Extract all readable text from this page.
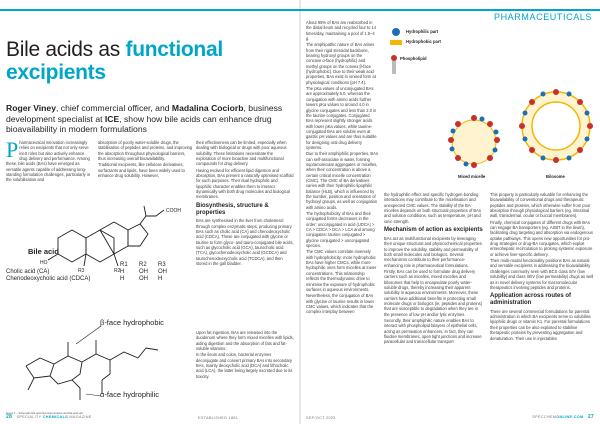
Bile acids as functional excipients
Roger Viney, chief commercial officer, and Madalina Cociorb, business development specialist at ICE, show how bile acids can enhance drug bioavailability in modern formulations
P harmaceutical innovation increasingly relies on excipients that not only serve inert roles but also actively enhance drug delivery and performance. Among these, bile acids (BAs) have emerged as versatile agents capable of addressing long-standing formulation challenges, particularly in the solubilisation and

absorption of poorly water-soluble drugs, the stabilisation of peptides and proteins, and improving the absorption throughout physiological barriers, thus increasing overall bioavailability.

Traditional excipients, like cellulose derivatives, surfactants and lipids, have been widely used to enhance drug solubility. However,

their effectiveness can be limited, especially when dealing with biological or drugs with poor aqueous solubility. These limitations necessitate the exploration of more bioactive and multifunctional compounds for drug delivery.

Having evolved for efficient lipid digestion and absorption, BAs present a naturally optimised scaffold for such purposes. Their dual hydrophilic and lipophilic character enables them to interact dynamically with both drug molecules and biological membranes.

Biosynthesis, structure & properties

BAs are synthesised in the liver from cholesterol through complex enzymatic steps, producing primary BAs such as cholic acid (CA) and chenodeoxycholic acid (CDCA). These are conjugated with glycine or taurine to form glyco- and tauro-conjugated bile acids, such as glycocholic acid (GCA), taurocholic acid (TCA), glycochenodeoxycholic acid (GCDCA) and taurochenodeoxycholic acid (TCDCA), and then stored in the gall bladder.

Upon fat ingestion, BAs are released into the duodenum where they form mixed micelles with lipids, aiding digestion and the absorption of fats and fat-soluble vitamins.

In the ileum and colon, bacterial enzymes deconjugate and convert primary BAs into secondary BAs, mainly deoxycholic acid (DCA) and lithocholic acid (LCA), the latter being largely excreted due to its toxicity.

HO
R2
R3
COOH
Bile acid
R1 R2 R3
Cholic acid (CA)	H OH OH
Chenodeoxycholic acid (CDCA)	H OH H
β-face hydrophobic
α-face hydrophilic
Figure 1 – Schematic bile acid chemical structure and bile acid self
28 SPECIALITY CHEMICALS MAGAZINE	ESTABLISHED 1881
PHARMACEUTICALS

About 95% of BAs are reabsorbed in the distal ileum and recycled four to 14 times/day, maintaining a pool of 1.5–4 g.

The amphipathic nature of BAs arises from their rigid steroidal backbone, bearing hydroxyl groups on the concave α-face (hydrophilic) and methyl groups on the convex β-face (hydrophobic). Due to their weak acid properties, BAs exist in ionised form at physiological conditions (pH 7.4).

The pKa values of unconjugated BAs are approximately 5.0, whereas the conjugation with amino acids further lowers pKa values to around 4.0 in glycine conjugates and less than 2.0 in the taurine conjugates. Conjugated BAs represent slightly stronger acids with lower pKa values, while taurine-conjugated BAs are soluble even at gastric pH values and are thus suitable for designing oral drug delivery systems.

Due to their amphiphilic properties, BAs can self-associate in water, forming supramolecular aggregates or micelles, when their concentration is above a certain critical micelle concentration (CMC). The CMC of BA derivatives varies with their hydrophilic-lipophilic balance (HLB), which is influenced by the number, position and orientation of hydroxyl groups, as well as conjugation with amino acids.

The hydrophobicity of BAs and their conjugated forms decreases in the order: unconjugated in acid (UDCA) > CA > CDCA > DCA > LCA and among conjugates: taurine conjugated > glycine conjugated > unconjugated species.

The CMC values correlate inversely with hydrophobicity: more hydrophobic BAs have higher CMCs, while more hydrophilic ones form micelles at lower concentrations. This relationship reflects the thermodynamic drive to minimise the exposure of hydrophobic surfaces in aqueous environments.

Nevertheless, the conjugation of BAs with glycine or taurine results in lower CMC values, which indicates that the complex interplay between

Hydrophilic part
Hydrophobic part
Phospholipid
Mixed micelle	Bilosome

the hydrophilic effect and specific hydrogen-bonding interactions may contribute to the micellisation and unexpected CMC values. The stability of the BA micelles depends on both structural properties of BAs and solution conditions, such as temperature, pH and ionic strength.

Mechanism of action as excipients

BAs act as multifunctional excipients by leveraging their unique structural and physicochemical properties to improve the solubility, stability and permeability of both small molecules and biologics. Several mechanisms contribute to their performance-enhancing role in pharmaceutical formulations.

Firstly, BAs can be used to formulate drug delivery carriers such as micelles, mixed micelles and bilosomes that help to encapsulate poorly water-soluble drugs, thereby increasing their apparent solubility in aqueous environments. Moreover, these carriers have additional benefits in protecting small molecule drugs or biologics (ie, peptides and proteins) that are susceptible to degradation when they are in the presence of low pH and/or lytic enzymes.

Secondly, their amphiphilic nature enables BAs to interact with phospholipid bilayers of epithelial cells, acting as permeation enhancers. In fact, they can fluidise membranes, open tight junctions and increase paracellular and transcellular transport

This property is particularly valuable for enhancing the bioavailability of conventional drugs and therapeutic peptides and proteins, which otherwise suffer from poor absorption through physiological barriers (eg. intestinal wall, transdermal, ocular or buccal membranes).

Finally, chemical conjugates of different drugs with BAs can engage BA transporters (eg. ASBT in the ileum), facilitating drug targeting and absorption via endogenous uptake pathways. This opens new opportunities for pro-drug strategies or drug-BA conjugates, which exploit enterohepatic recirculation to prolong systemic exposure or achieve liver-specific delivery.

Their multi-modal functionality positions BAs as natural and versatile excipients in addressing the bioavailability challenges commonly seen with BCS class II/IV (low solubility) and class III/IV (low permeability) drugs as well as in novel delivery systems for macromolecular therapeutics involving peptides and proteins.

Application across routes of administration

There are several commercial formulations for parental administration in which BA excipients serve to solubilise lipophilic drugs or vitamin K1. For parental formulations their properties can be also exploited to stabilise therapeutic proteins by preventing aggregation and denaturation. Their use in injectables

SEP/OCT 2025	SPECCHEMONLINE.COM 27
